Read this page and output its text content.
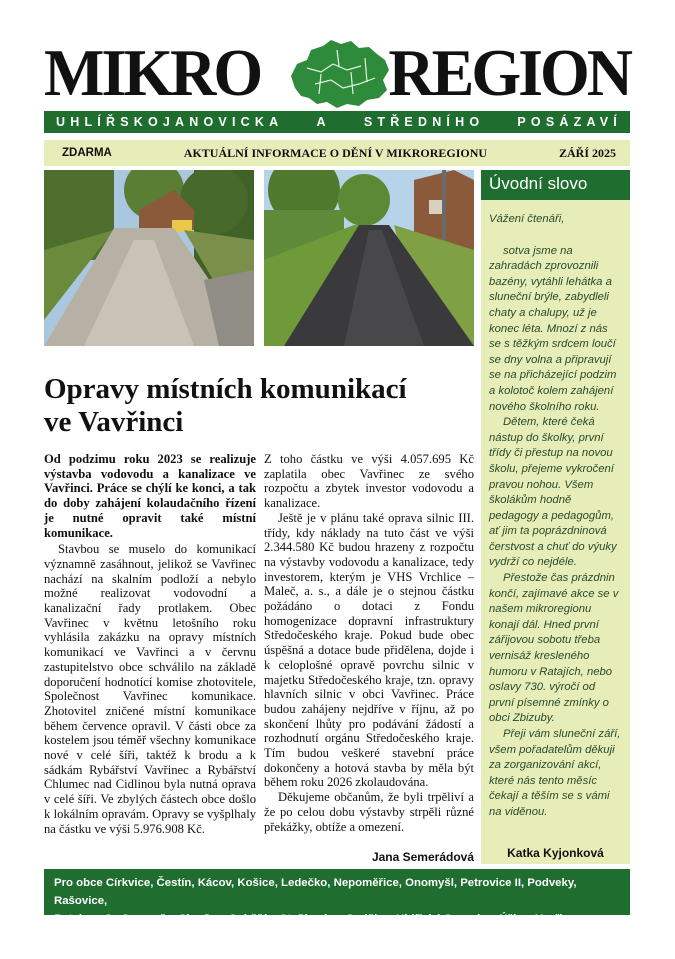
MIKRO REGION
UHLÍŘSKOJANOVICKA	A	STŘEDNÍHO	POSÁZAVÍ
ZDARMA	AKTUÁLNÍ INFORMACE O DĚNÍ V MIKROREGIONU	ZÁŘÍ 2025
Opravy místních komunikací
ve Vavřinci

Od podzimu roku 2023 se realizuje výstavba vodovodu a kanalizace ve Vavřinci. Práce se chýlí ke konci, a tak do doby zahájení kolaudačního řízení je nutné opravit také místní komunikace.

Stavbou se muselo do komunikací významně zasáhnout, jelikož se Vavřinec nachází na skalním podloží a nebylo možné realizovat vodovodní a kanalizační řady protlakem. Obec Vavřinec v květnu letošního roku vyhlásila zakázku na opravy místních komunikací ve Vavřinci a v červnu zastupitelstvo obce schválilo na základě doporučení hodnotící komise zhotovitele, Společnost Vavřinec komunikace. Zhotovitel zničené místní komunikace během července opravil. V části obce za kostelem jsou téměř všechny komunikace nové v celé šíři, taktéž k brodu a k sádkám Rybářství Vavřinec a Rybářství Chlumec nad Cidlinou byla nutná oprava v celé šíři. Ve zbylých částech obce došlo k lokálním opravám. Opravy se vyšplhaly na částku ve výši 5.976.908 Kč.

Z toho částku ve výši 4.057.695 Kč zaplatila obec Vavřinec ze svého rozpočtu a zbytek investor vodovodu a kanalizace.

Ještě je v plánu také oprava silnic III. třídy, kdy náklady na tuto část ve výši 2.344.580 Kč budou hrazeny z rozpočtu na výstavby vodovodu a kanalizace, tedy investorem, kterým je VHS Vrchlice – Maleč, a. s., a dále je o stejnou částku požádáno o dotaci z Fondu homogenizace dopravní infrastruktury Středočeského kraje. Pokud bude obec úspěšná a dotace bude přidělena, dojde i k celoplošné opravě povrchu silnic v majetku Středočeského kraje, tzn. opravy hlavních silnic v obci Vavřinec. Práce budou zahájeny nejdříve v říjnu, až po skončení lhůty pro podávání žádostí a rozhodnutí orgánu Středočeského kraje. Tím budou veškeré stavební práce dokončeny a hotová stavba by měla být během roku 2026 zkolaudována.

Děkujeme občanům, že byli trpěliví a že po celou dobu výstavby strpěli různé překážky, obtíže a omezení.

Jana Semerádová
Úvodní slovo

Vážení čtenáři,

sotva jsme na zahradách zprovoznili bazény, vytáhli lehátka a sluneční brýle, zabydleli chaty a chalupy, už je konec léta. Mnozí z nás se s těžkým srdcem loučí se dny volna a připravují se na přicházející podzim a kolotoč kolem zahájení nového školního roku.

Dětem, které čeká nástup do školky, první třídy či přestup na novou školu, přejeme vykročení pravou nohou. Všem školákům hodně pedagogy a pedagogům, ať jim ta poprázdninová čerstvost a chuť do výuky vydrží co nejdéle.

Přestože čas prázdnin končí, zajímavé akce se v našem mikroregionu konají dál. Hned první zářijovou sobotu třeba vernisáž kresleného humoru v Ratajích, nebo oslavy 730. výročí od první písemné zmínky o obci Zbizuby.

Přeji vám sluneční září, všem pořadatelům děkuji za zorganizování akcí, které nás tento měsíc čekají a těším se s vámi na viděnou.

Katka Kyjonková
Pro obce Církvice, Čestín, Kácov, Košice, Ledečko, Nepoměřice, Onomyšl, Petrovice II, Podveky, Rašovice,
Rataje n. S., Samopše, Skvrňov, Soběšín, Staňkovice, Sudějov, Uhlířské Janovice, Úžice, Vavřinec, Zbizuby
